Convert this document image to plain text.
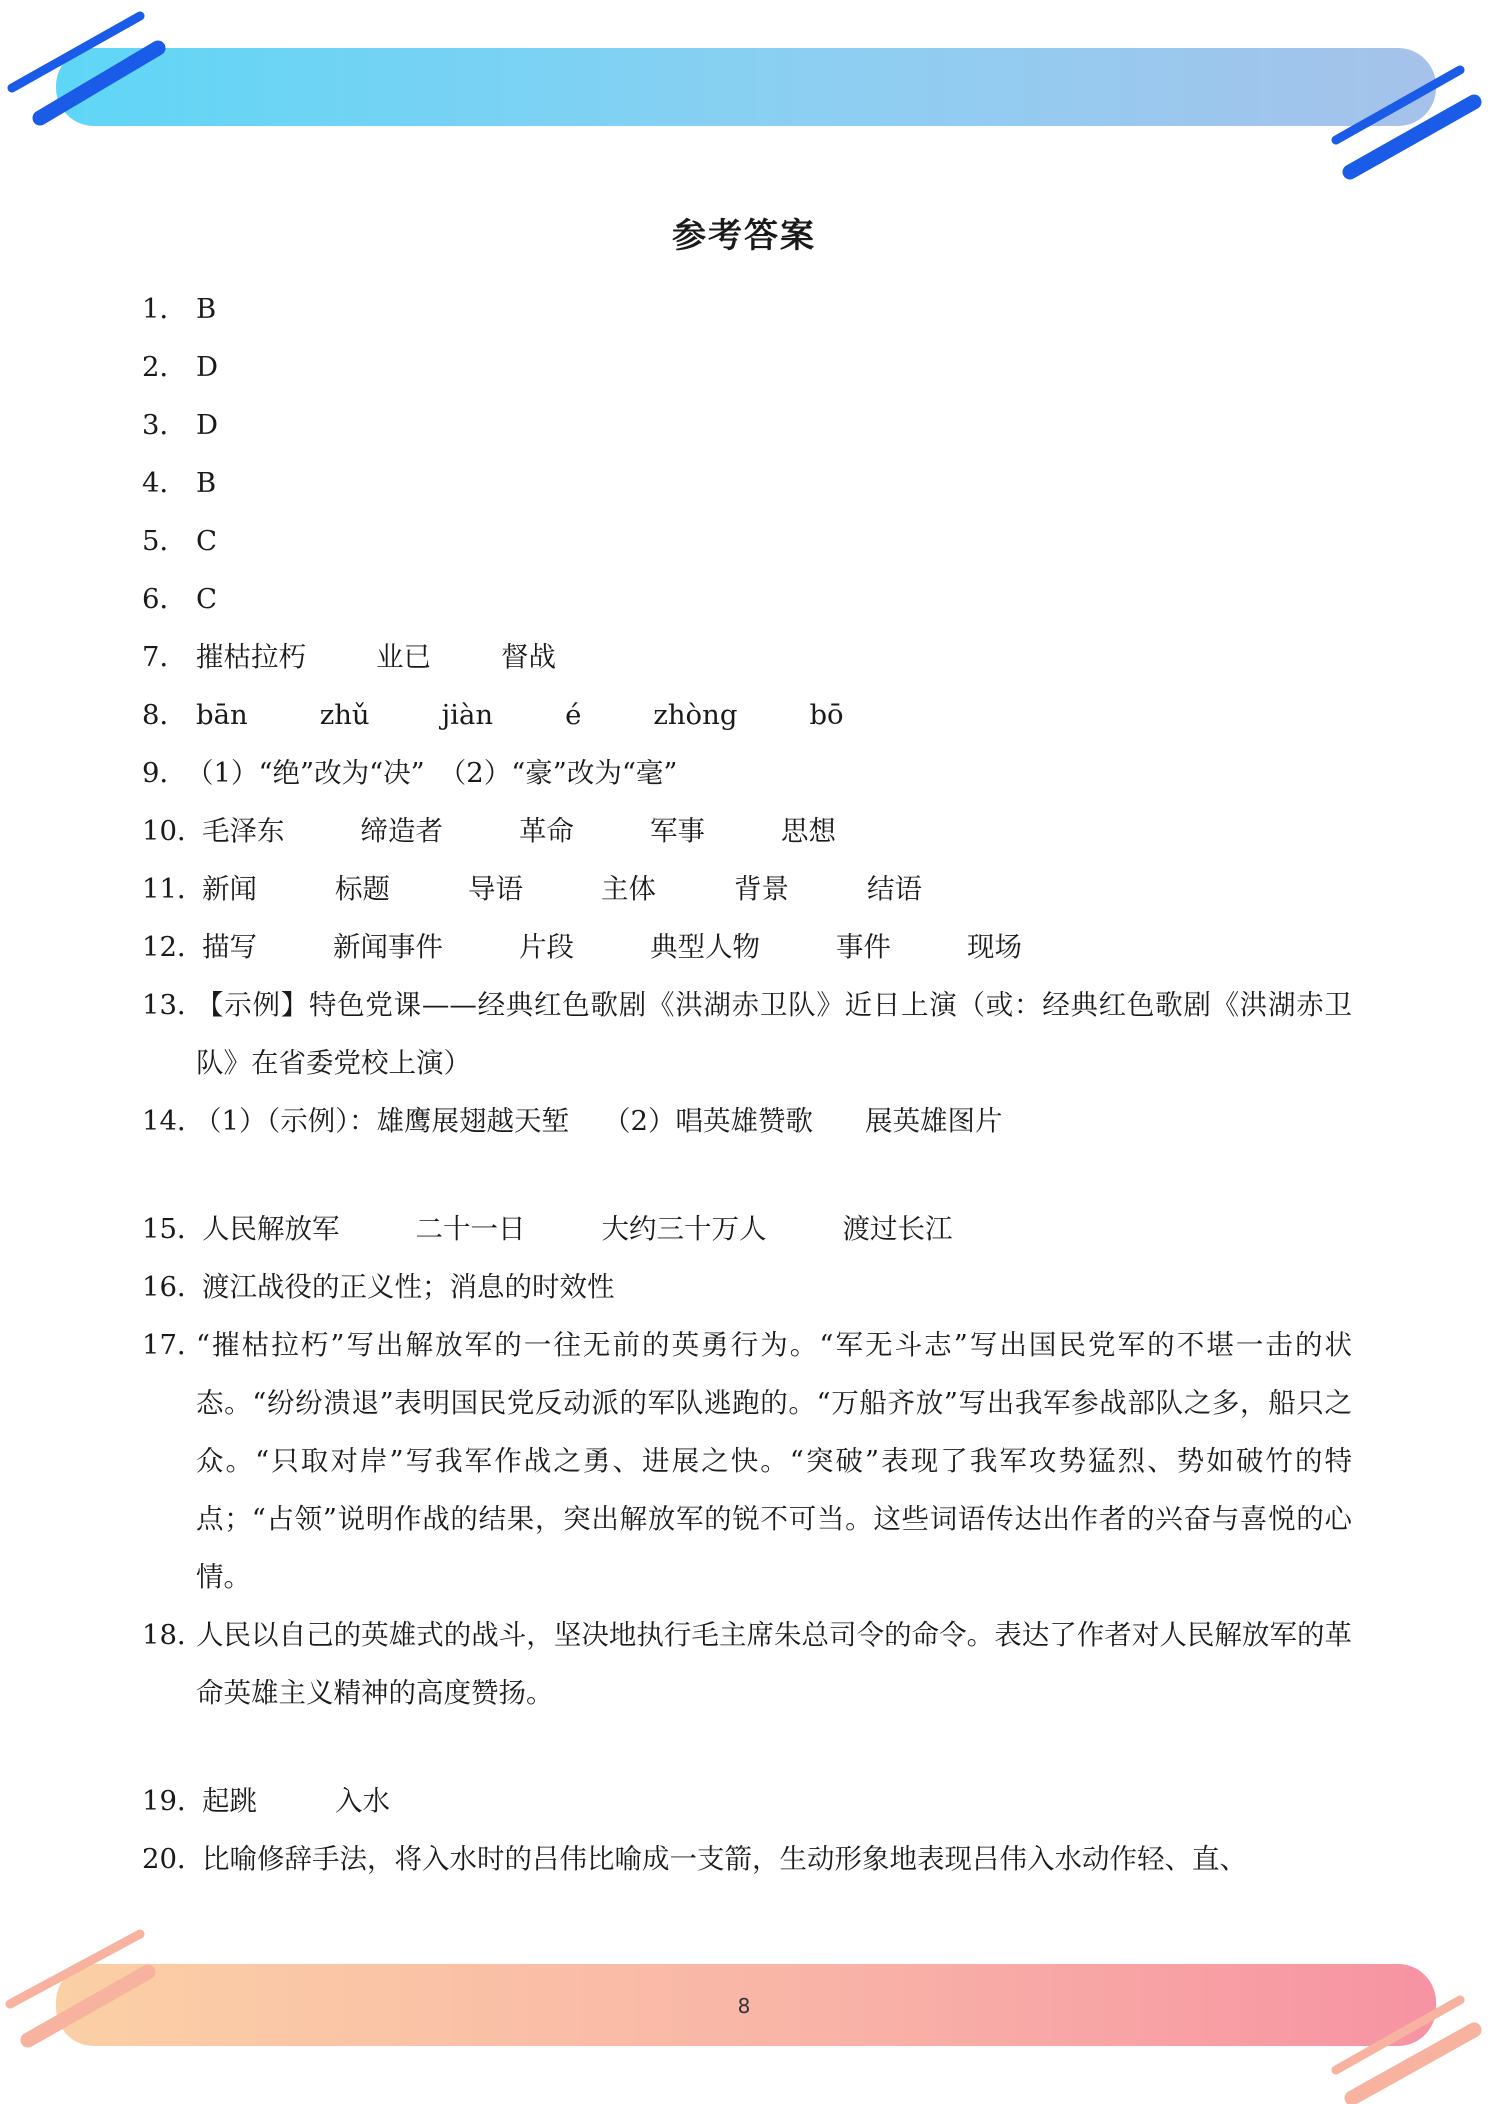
参考答案
1． B
2． D
3． D
4． B
5． C
6． C
7． 摧枯拉朽	业已	督战
8． bān	zhǔ	jiàn	é	zhòng	bō
9． （1）“绝”改为“决” （2）“豪”改为“毫”
10．
毛泽东	缔造者	革命	军事	思想
11．
新闻	标题	导语	主体	背景	结语
12．
描写	新闻事件	片段	典型人物	事件	现场
13．
【示例】特色党课——经典红色歌剧《洪湖赤卫队》近日上演（或：经典红色歌剧《洪湖赤卫队》在省委党校上演）
14．
（1）（示例）：雄鹰展翅越天堑 （2）唱英雄赞歌 展英雄图片
15．
人民解放军	二十一日	大约三十万人	渡过长江
16．
渡江战役的正义性；消息的时效性
17．
“摧枯拉朽”写出解放军的一往无前的英勇行为。“军无斗志”写出国民党军的不堪一击的状态。“纷纷溃退”表明国民党反动派的军队逃跑的。“万船齐放”写出我军参战部队之多，船只之众。“只取对岸”写我军作战之勇、进展之快。“突破”表现了我军攻势猛烈、势如破竹的特点；“占领”说明作战的结果，突出解放军的锐不可当。这些词语传达出作者的兴奋与喜悦的心情。
18．
人民以自己的英雄式的战斗，坚决地执行毛主席朱总司令的命令。表达了作者对人民解放军的革命英雄主义精神的高度赞扬。
19．
起跳	入水
20．
比喻修辞手法，将入水时的吕伟比喻成一支箭，生动形象地表现吕伟入水动作轻、直、
8
